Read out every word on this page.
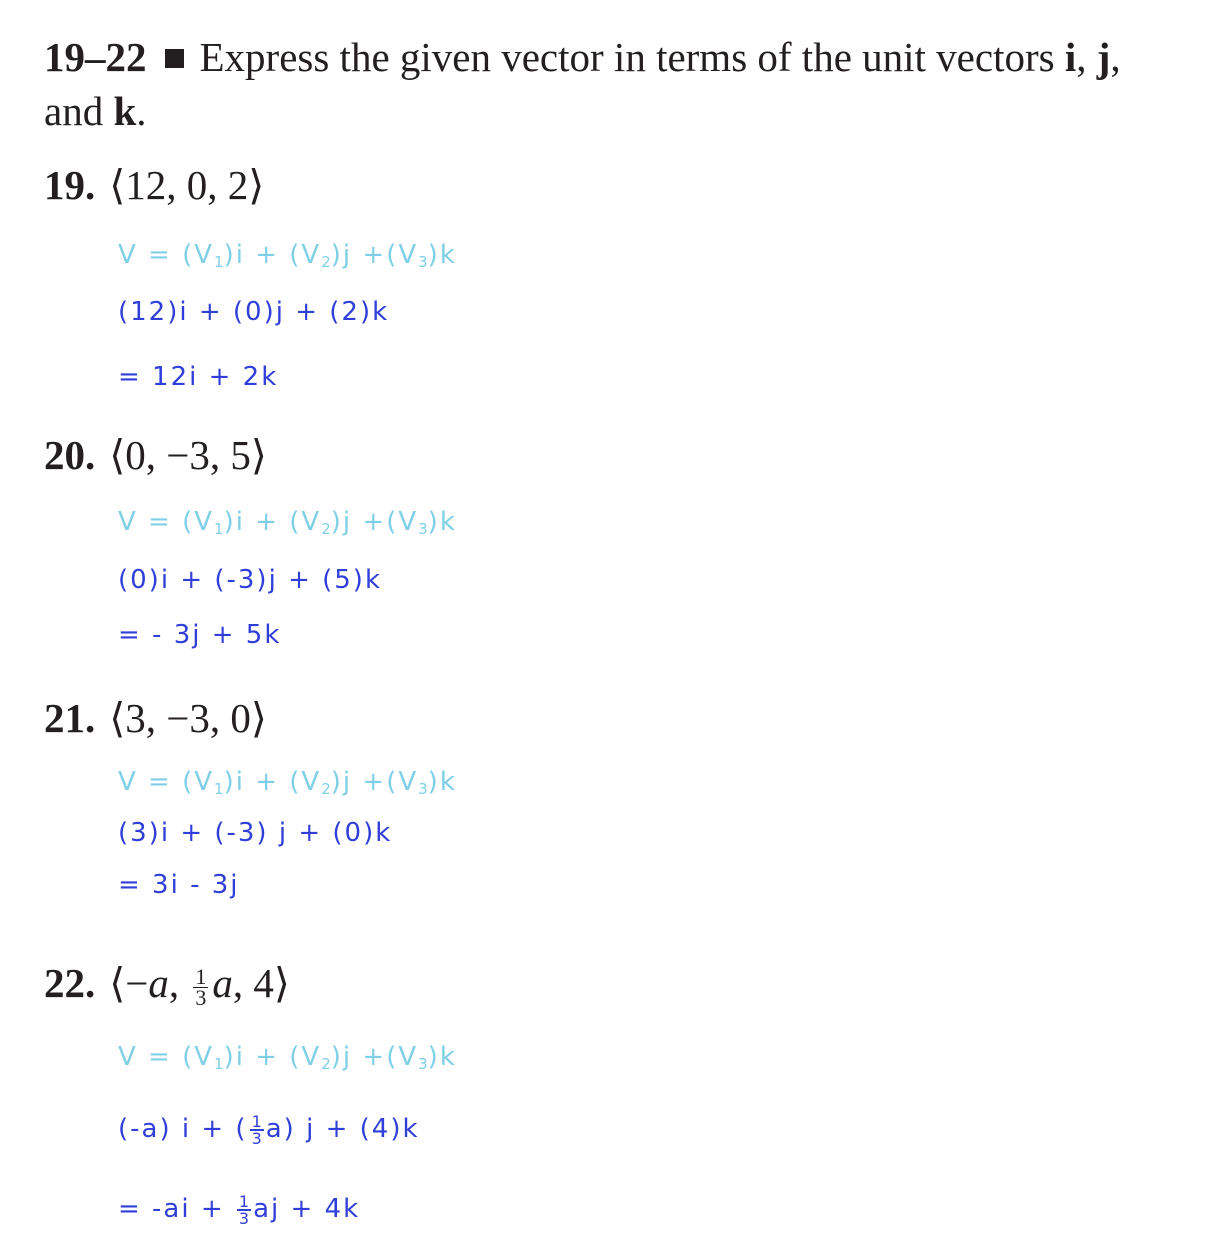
19–22 Express the given vector in terms of the unit vectors i, j,
and k.
19. ⟨12, 0, 2⟩
$V = (V_1)i + (V_2)j +(V_3)k$
(12)i + (0)j + (2)k
= 12i + 2k
20. ⟨0, −3, 5⟩
$V = (V_1)i + (V_2)j +(V_3)k$
(0)i + (-3)j + (5)k
= - 3j + 5k
21. ⟨3, −3, 0⟩
$V = (V_1)i + (V_2)j +(V_3)k$
(3)i + (-3) j + (0)k
= 3i - 3j
22. ⟨−a, $\frac{1}{3} a$, 4⟩
$V = (V_1)i + (V_2)j +(V_3)k$
(-a) i + ( $\frac{1}{3} a$) j + (4)k
= $-ai + \frac{1}{3}$ aj + 4k
